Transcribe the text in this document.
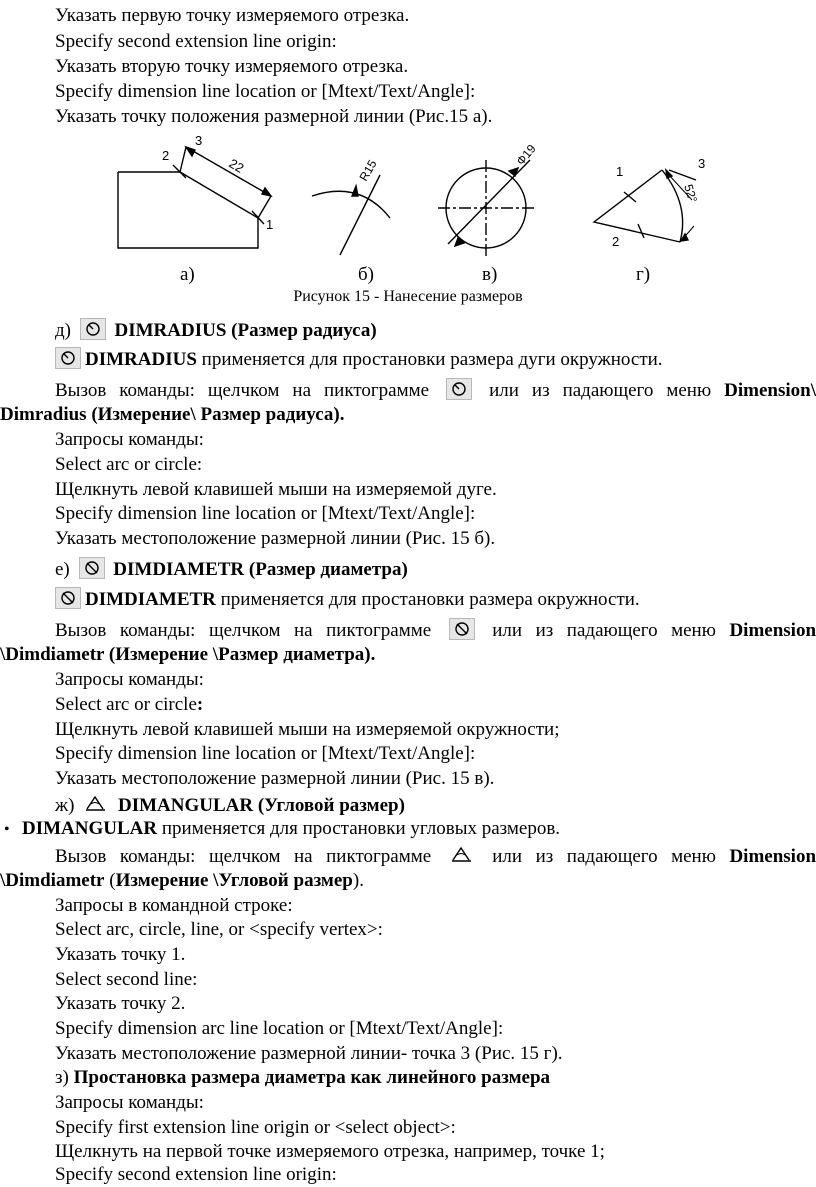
Указать первую точку измеряемого отрезка.
Specify second extension line origin:
Указать вторую точку измеряемого отрезка.
Specify dimension line location or [Mtext/Text/Angle]:
Указать точку положения размерной линии (Рис.15 а).
1
2
3
22	R15
Ф19
1
2
3
52°
а)	б)	в)	г)
Рисунок 15 - Нанесение размеров
д) DIMRADIUS (Размер радиуса)
DIMRADIUS применяется для простановки размера дуги окружности.
Вызов команды: щелчком на пиктограмме	или из падающего меню Dimension\
Dimradius (Измерение\ Размер радиуса).
Запросы команды:
Select arc or circle:
Щелкнуть левой клавишей мыши на измеряемой дуге.
Specify dimension line location or [Mtext/Text/Angle]:
Указать местоположение размерной линии (Рис. 15 б).
е) DIMDIAMETR (Размер диаметра)
DIMDIAMETR применяется для простановки размера окружности.
Вызов команды: щелчком на пиктограмме	или из падающего меню Dimension
\Dimdiametr (Измерение \Размер диаметра).
Запросы команды:
Select arc or circle:
Щелкнуть левой клавишей мыши на измеряемой окружности;
Specify dimension line location or [Mtext/Text/Angle]:
Указать местоположение размерной линии (Рис. 15 в).
ж) DIMANGULAR (Угловой размер)
• DIMANGULAR применяется для простановки угловых размеров.
Вызов команды: щелчком на пиктограмме	или из падающего меню Dimension
\Dimdiametr (Измерение \Угловой размер).
Запросы в командной строке:
Select arc, circle, line, or <specify vertex>:
Указать точку 1.
Select second line:
Указать точку 2.
Specify dimension arc line location or [Mtext/Text/Angle]:
Указать местоположение размерной линии- точка 3 (Рис. 15 г).
з) Простановка размера диаметра как линейного размера
Запросы команды:
Specify first extension line origin or <select object>:
Щелкнуть на первой точке измеряемого отрезка, например, точке 1;
Specify second extension line origin:
